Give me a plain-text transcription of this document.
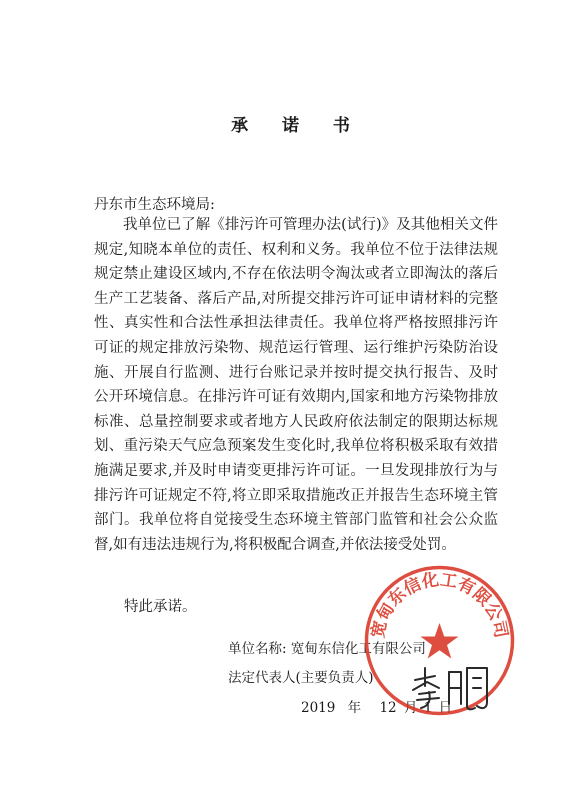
承 诺 书
丹东市生态环境局:
我单位已了解《排污许可管理办法(试行)》及其他相关文件规定,知晓本单位的责任、权利和义务。我单位不位于法律法规规定禁止建设区域内,不存在依法明令淘汰或者立即淘汰的落后生产工艺装备、落后产品,对所提交排污许可证申请材料的完整性、真实性和合法性承担法律责任。我单位将严格按照排污许可证的规定排放污染物、规范运行管理、运行维护污染防治设施、开展自行监测、进行台账记录并按时提交执行报告、及时公开环境信息。在排污许可证有效期内,国家和地方污染物排放标准、总量控制要求或者地方人民政府依法制定的限期达标规划、重污染天气应急预案发生变化时,我单位将积极采取有效措施满足要求,并及时申请变更排污许可证。一旦发现排放行为与排污许可证规定不符,将立即采取措施改正并报告生态环境主管部门。我单位将自觉接受生态环境主管部门监管和社会公众监督,如有违法违规行为,将积极配合调查,并依法接受处罚。
特此承诺。
单位名称: 宽甸东信化工有限公司
法定代表人(主要负责人)
2019 年 12 月 1 日
宽甸东信化工有限公司
